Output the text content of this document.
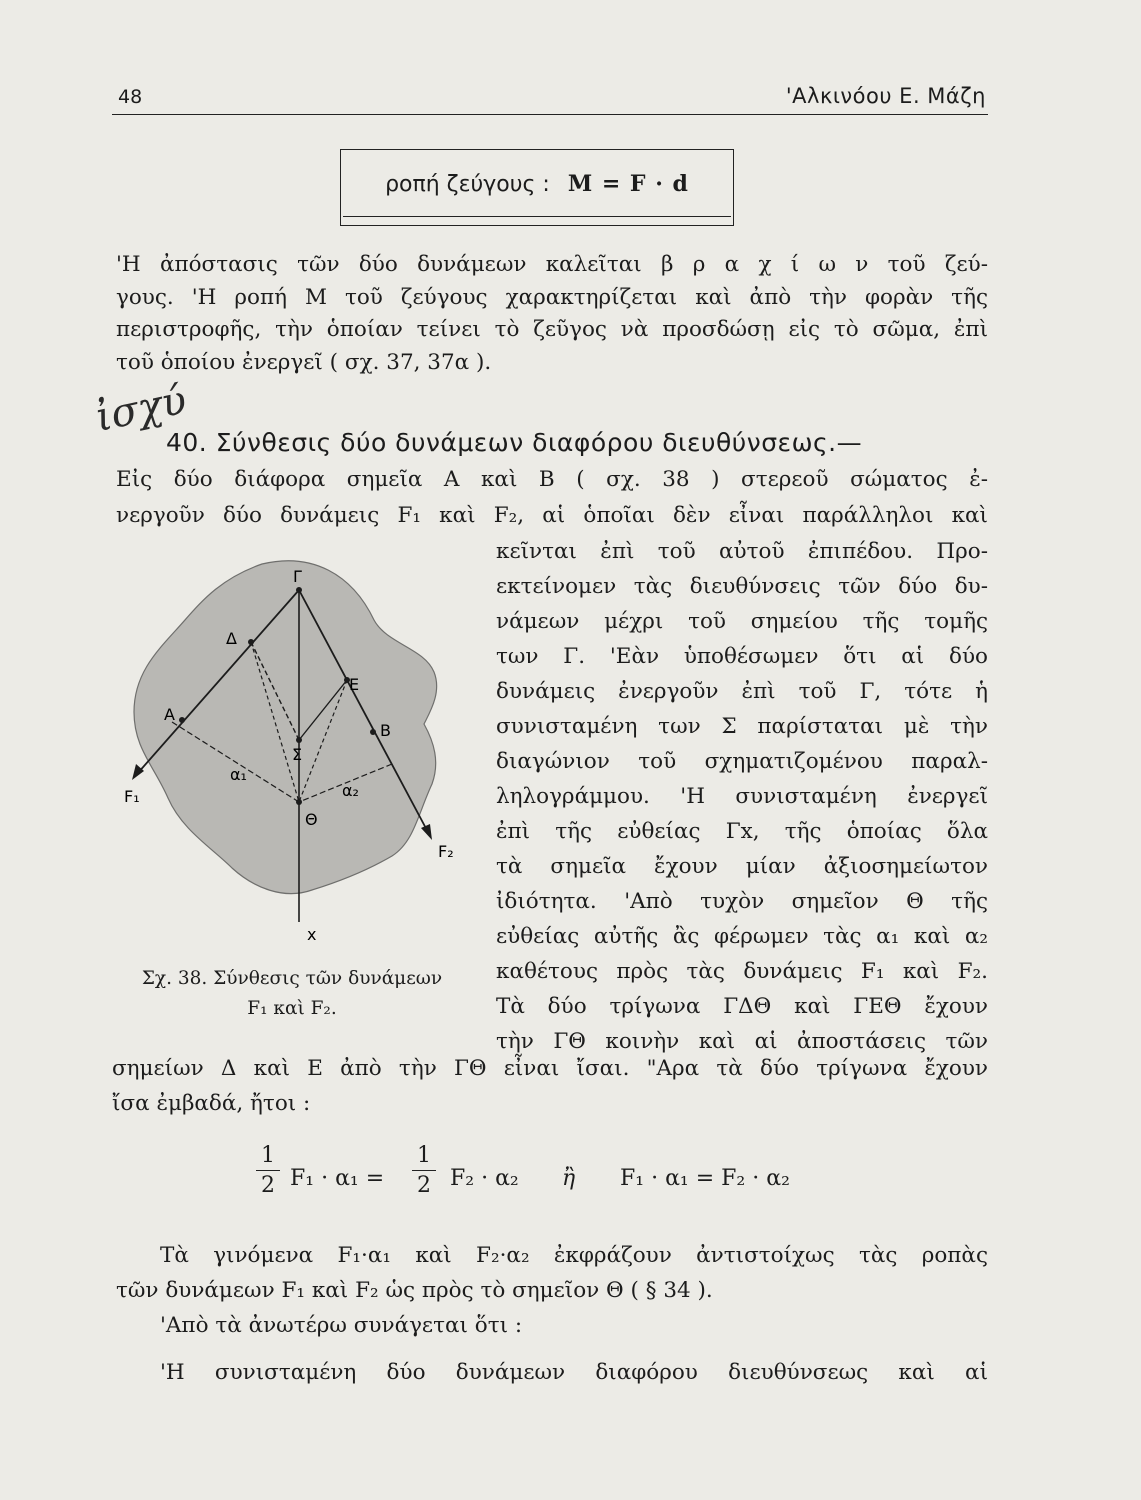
48	'Αλκινόου Ε. Μάζη
ροπή ζεύγους : M = F · d
'Η ἀπόστασις τῶν δύο δυνάμεων καλεῖται β ρ α χ ί ω ν τοῦ ζεύ-
γους. 'Η ροπή M τοῦ ζεύγους χαρακτηρίζεται καὶ ἀπὸ τὴν φορὰν τῆς
περιστροφῆς, τὴν ὁποίαν τείνει τὸ ζεῦγος νὰ προσδώσῃ εἰς τὸ σῶμα, ἐπὶ
τοῦ ὁποίου ἐνεργεῖ ( σχ. 37, 37α ).
ἰσχύ
40. Σύνθεσις δύο δυνάμεων διαφόρου διευθύνσεως.—
Εἰς δύο διάφορα σημεῖα A καὶ B ( σχ. 38 ) στερεοῦ σώματος ἐ-
νεργοῦν δύο δυνάμεις F₁ καὶ F₂, αἱ ὁποῖαι δὲν εἶναι παράλληλοι καὶ
Γ
Δ
Ε
Α
Β
Σ
Θ
F₁
F₂
x
α₁
α₂
κεῖνται ἐπὶ τοῦ αὐτοῦ ἐπιπέδου. Προ-
εκτείνομεν τὰς διευθύνσεις τῶν δύο δυ-
νάμεων μέχρι τοῦ σημείου τῆς τομῆς
των Γ. 'Εὰν ὑποθέσωμεν ὅτι αἱ δύο
δυνάμεις ἐνεργοῦν ἐπὶ τοῦ Γ, τότε ἡ
συνισταμένη των Σ παρίσταται μὲ τὴν
διαγώνιον τοῦ σχηματιζομένου παραλ-
ληλογράμμου. 'Η συνισταμένη ἐνεργεῖ
ἐπὶ τῆς εὐθείας Γx, τῆς ὁποίας ὅλα
τὰ σημεῖα ἔχουν μίαν ἀξιοσημείωτον
ἰδιότητα. 'Απὸ τυχὸν σημεῖον Θ τῆς
εὐθείας αὐτῆς ἂς φέρωμεν τὰς α₁ καὶ α₂
καθέτους πρὸς τὰς δυνάμεις F₁ καὶ F₂.
Τὰ δύο τρίγωνα ΓΔΘ καὶ ΓΕΘ ἔχουν
τὴν ΓΘ κοινὴν καὶ αἱ ἀποστάσεις τῶν
Σχ. 38. Σύνθεσις τῶν δυνάμεων
F₁ καὶ F₂.
σημείων Δ καὶ Ε ἀπὸ τὴν ΓΘ εἶναι ἴσαι. "Αρα τὰ δύο τρίγωνα ἔχουν
ἴσα ἐμβαδά, ἤτοι :
$\frac{1}{2} F_1 \cdot \alpha_1 = \frac{1}{2} F_2 \cdot \alpha_2$ ἢ F₁ · α₁ = F₂ · α₂
Τὰ γινόμενα F₁·α₁ καὶ F₂·α₂ ἐκφράζουν ἀντιστοίχως τὰς ροπὰς
τῶν δυνάμεων F₁ καὶ F₂ ὡς πρὸς τὸ σημεῖον Θ ( § 34 ).
'Απὸ τὰ ἀνωτέρω συνάγεται ὅτι :
'Η συνισταμένη δύο δυνάμεων διαφόρου διευθύνσεως καὶ αἱ
